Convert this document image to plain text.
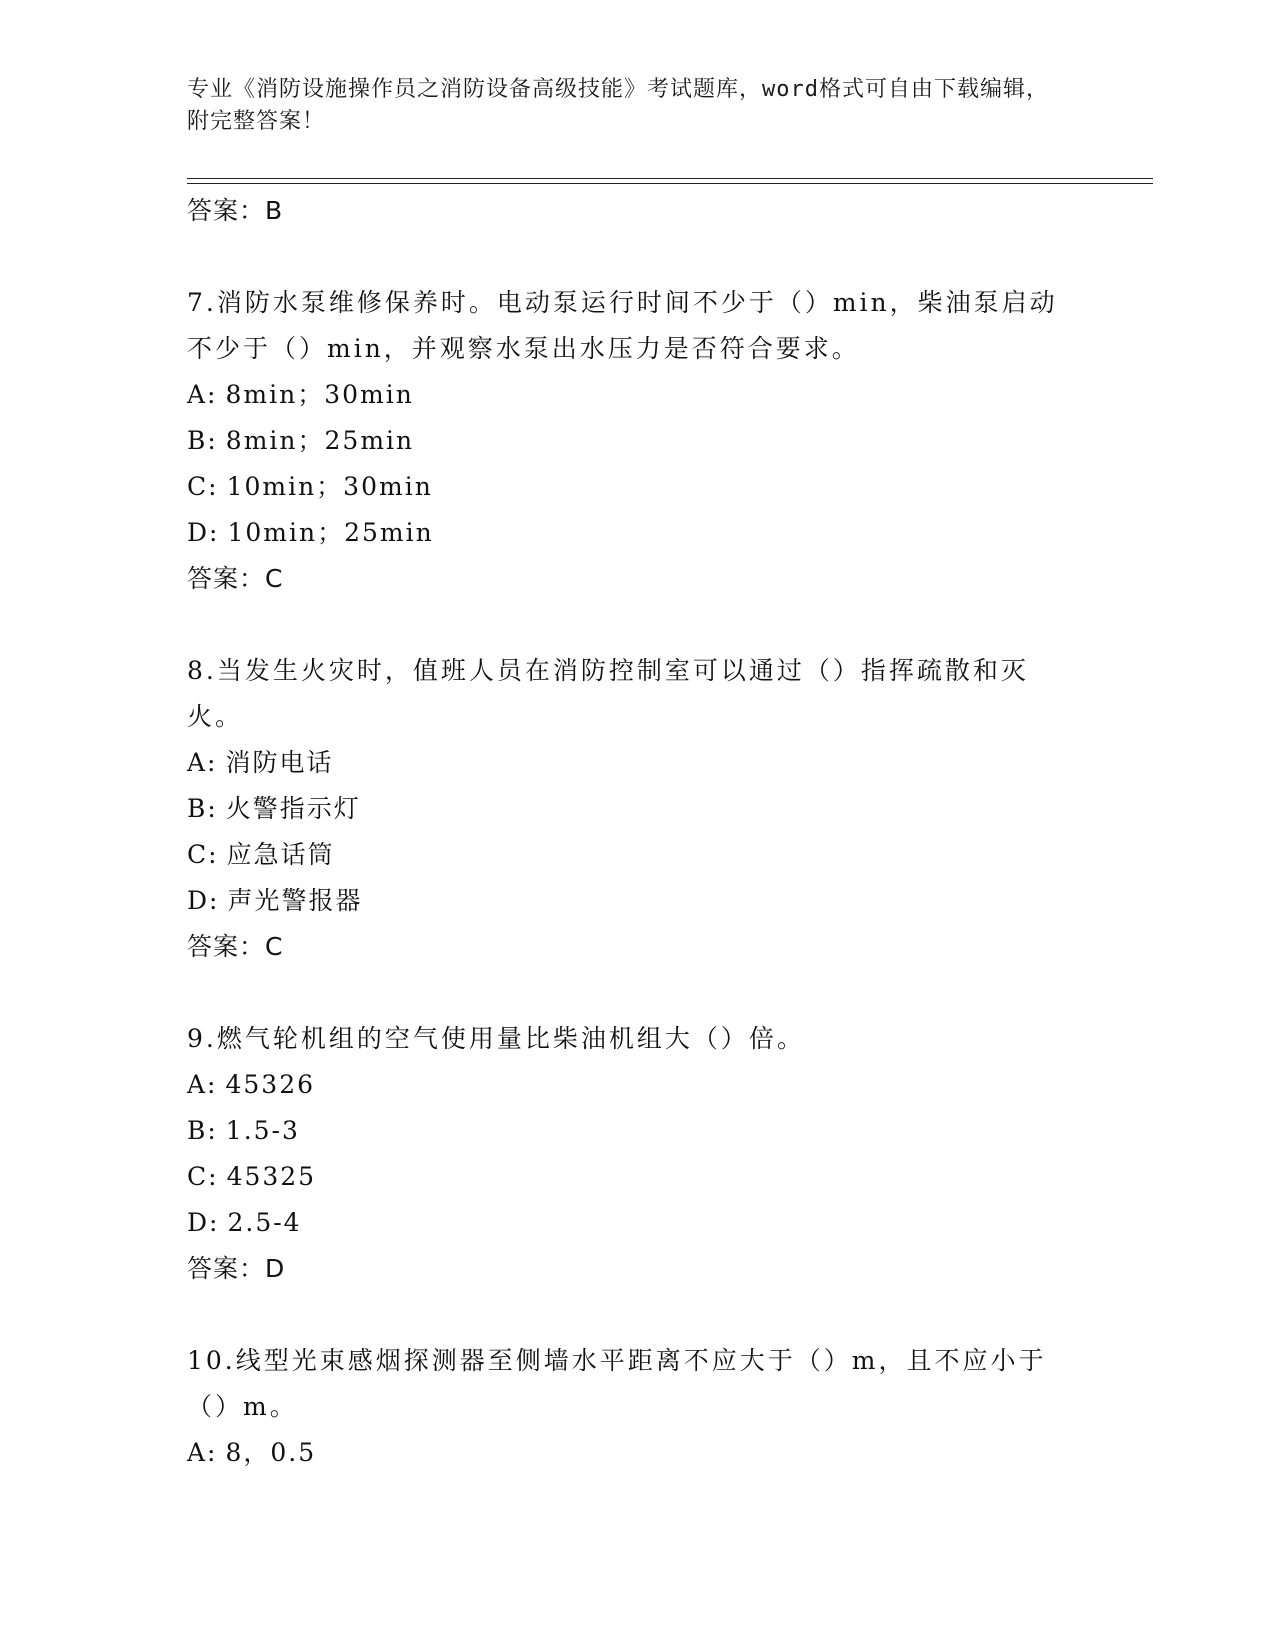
专业《消防设施操作员之消防设备高级技能》考试题库，word格式可自由下载编辑，附完整答案！
答案：B
7.消防水泵维修保养时。电动泵运行时间不少于（）min，柴油泵启动不少于（）min，并观察水泵出水压力是否符合要求。
A: 8min；30min
B: 8min；25min
C: 10min；30min
D: 10min；25min
答案：C
8.当发生火灾时，值班人员在消防控制室可以通过（）指挥疏散和灭火。
A: 消防电话
B: 火警指示灯
C: 应急话筒
D: 声光警报器
答案：C
9.燃气轮机组的空气使用量比柴油机组大（）倍。
A: 45326
B: 1.5-3
C: 45325
D: 2.5-4
答案：D
10.线型光束感烟探测器至侧墙水平距离不应大于（）m，且不应小于（）m。
A: 8，0.5
